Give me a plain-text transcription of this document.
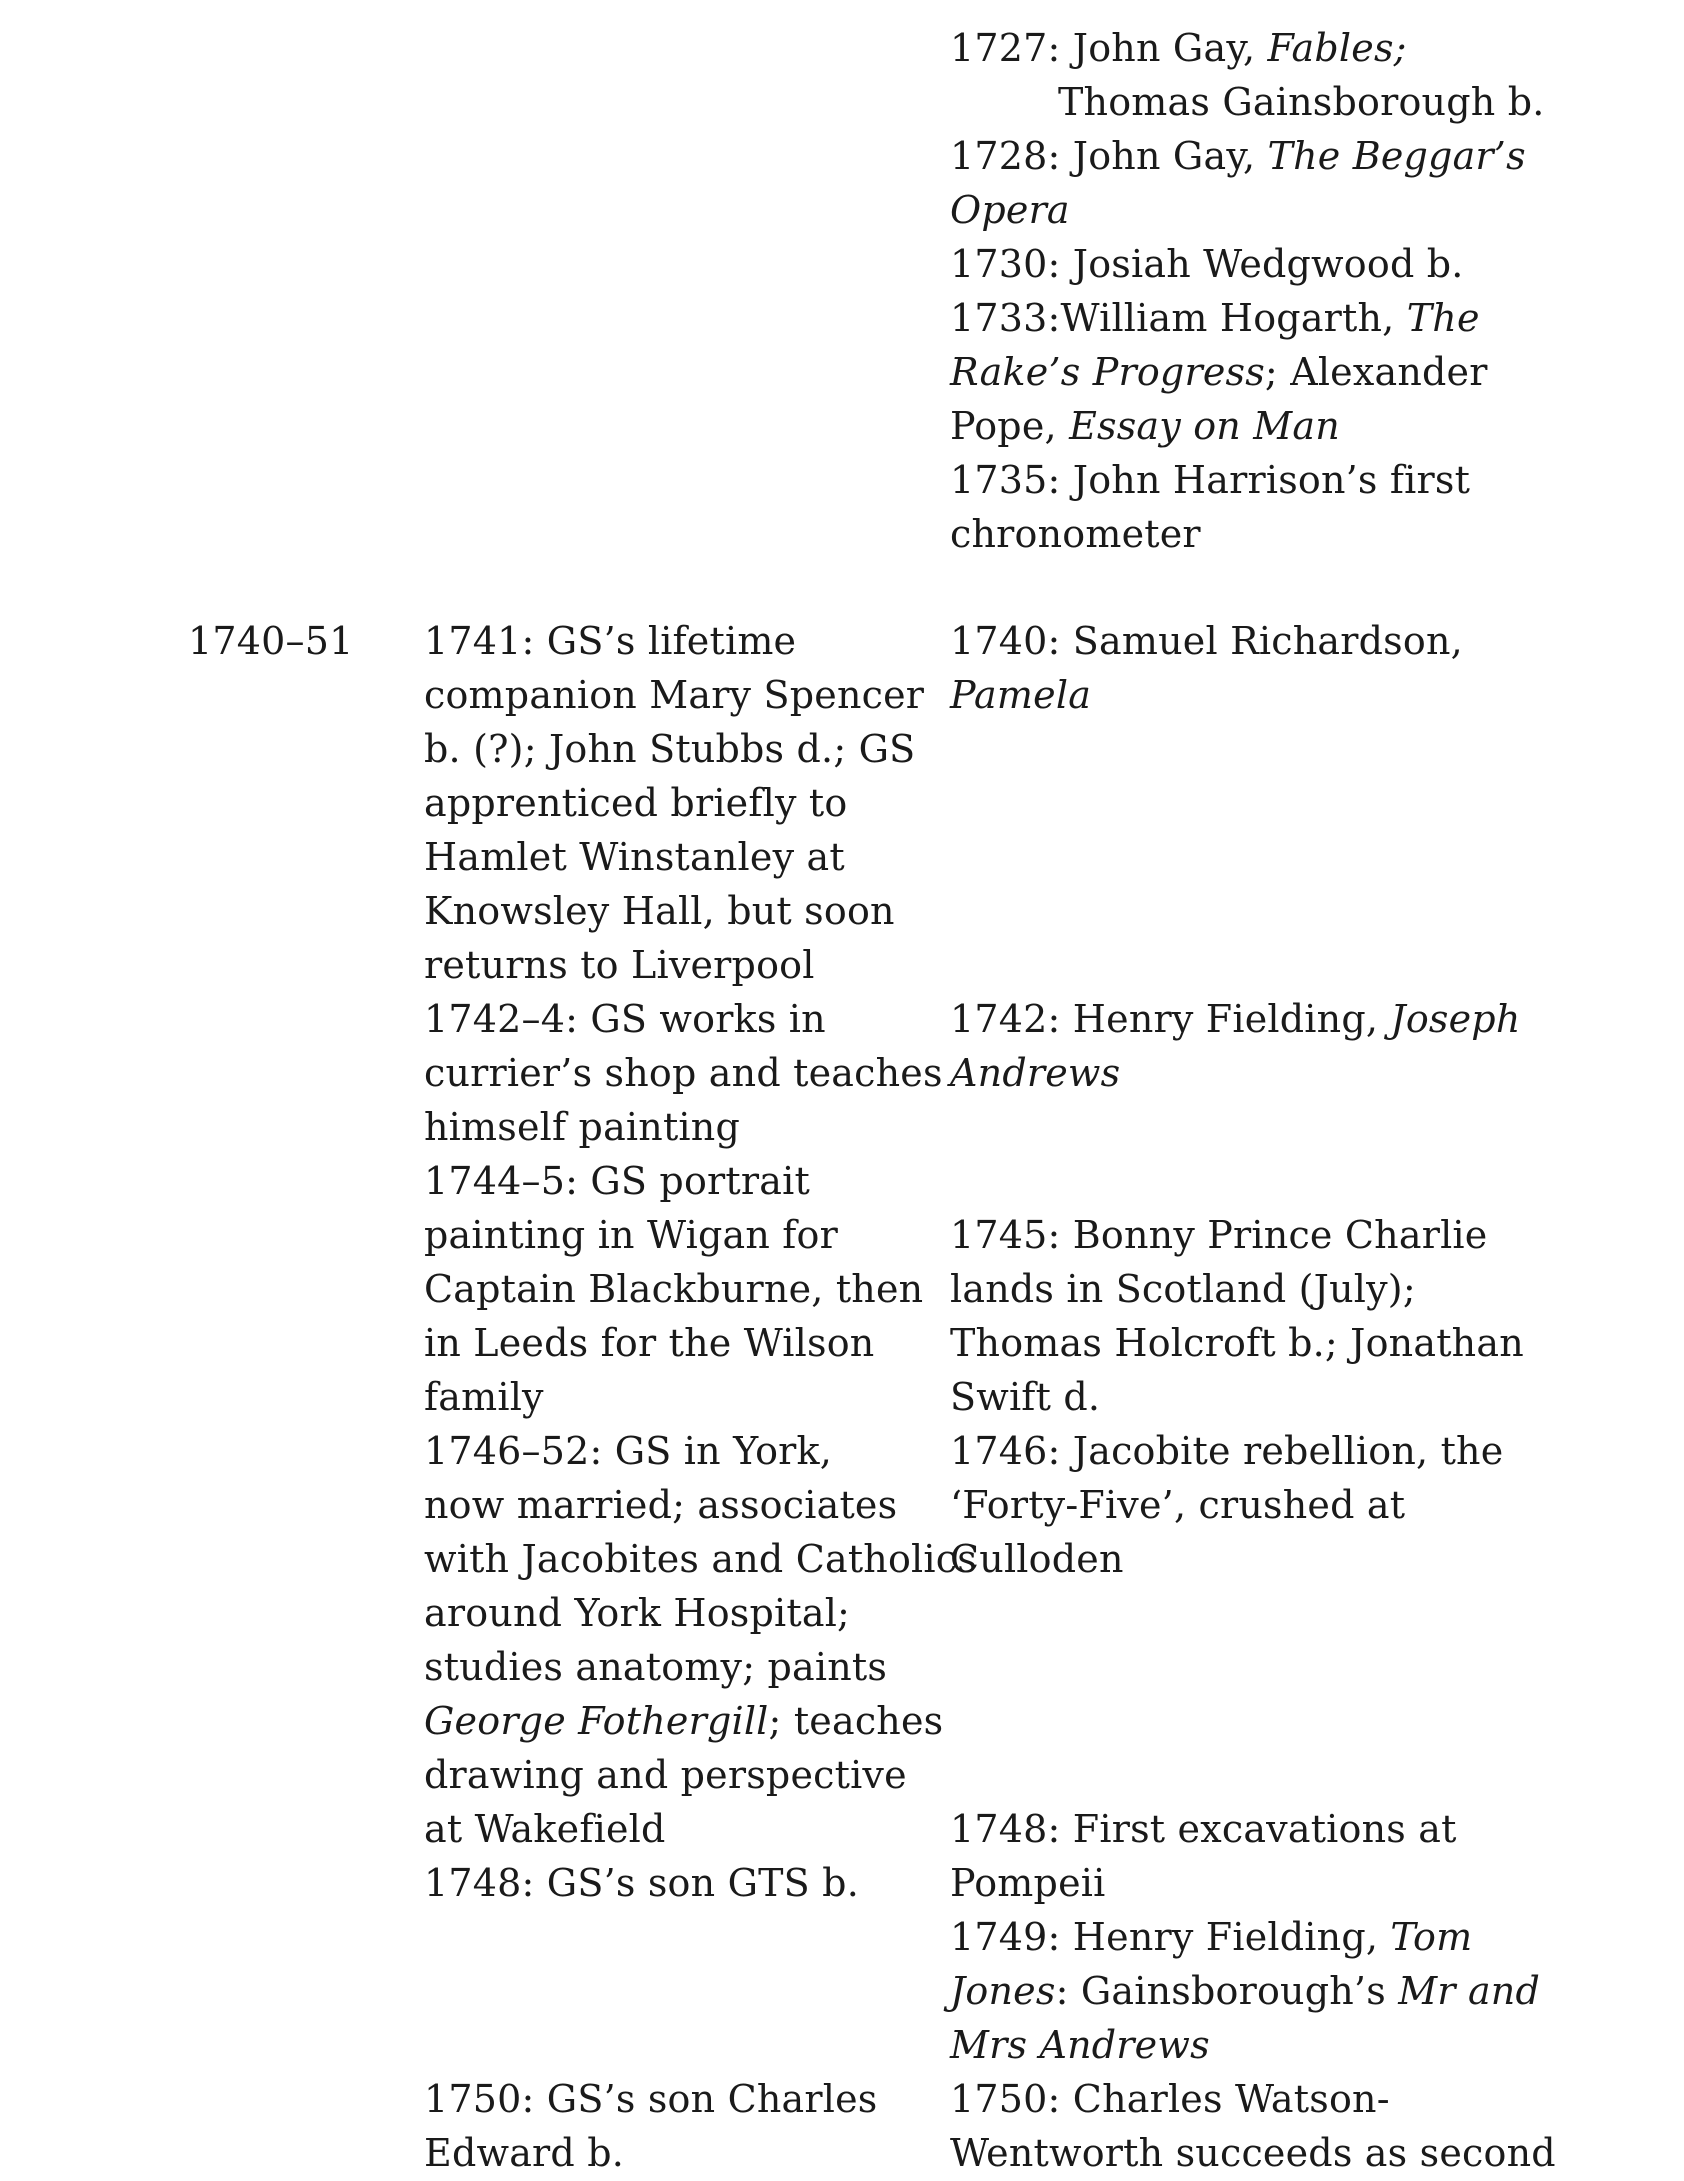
1727: John Gay, Fables;
Thomas Gainsborough b.
1728: John Gay, The Beggar’s
Opera
1730: Josiah Wedgwood b.
1733:William Hogarth, The
Rake’s Progress; Alexander
Pope, Essay on Man
1735: John Harrison’s first
chronometer
1740–51 1741: GS’s lifetime
companion Mary Spencer
b. (?); John Stubbs d.; GS
apprenticed briefly to
Hamlet Winstanley at
Knowsley Hall, but soon
returns to Liverpool
1742–4: GS works in
currier’s shop and teaches
himself painting
1744–5: GS portrait
painting in Wigan for
Captain Blackburne, then
in Leeds for the Wilson
family
1746–52: GS in York,
now married; associates
with Jacobites and Catholics
around York Hospital;
studies anatomy; paints
George Fothergill; teaches
drawing and perspective
at Wakefield
1748: GS’s son GTS b.
1750: GS’s son Charles
Edward b.
1740: Samuel Richardson,
Pamela
1742: Henry Fielding, Joseph
Andrews
1745: Bonny Prince Charlie
lands in Scotland (July);
Thomas Holcroft b.; Jonathan
Swift d.
1746: Jacobite rebellion, the
‘Forty-Five’, crushed at
Culloden
1748: First excavations at
Pompeii
1749: Henry Fielding, Tom
Jones: Gainsborough’s Mr and
Mrs Andrews
1750: Charles Watson-
Wentworth succeeds as second
